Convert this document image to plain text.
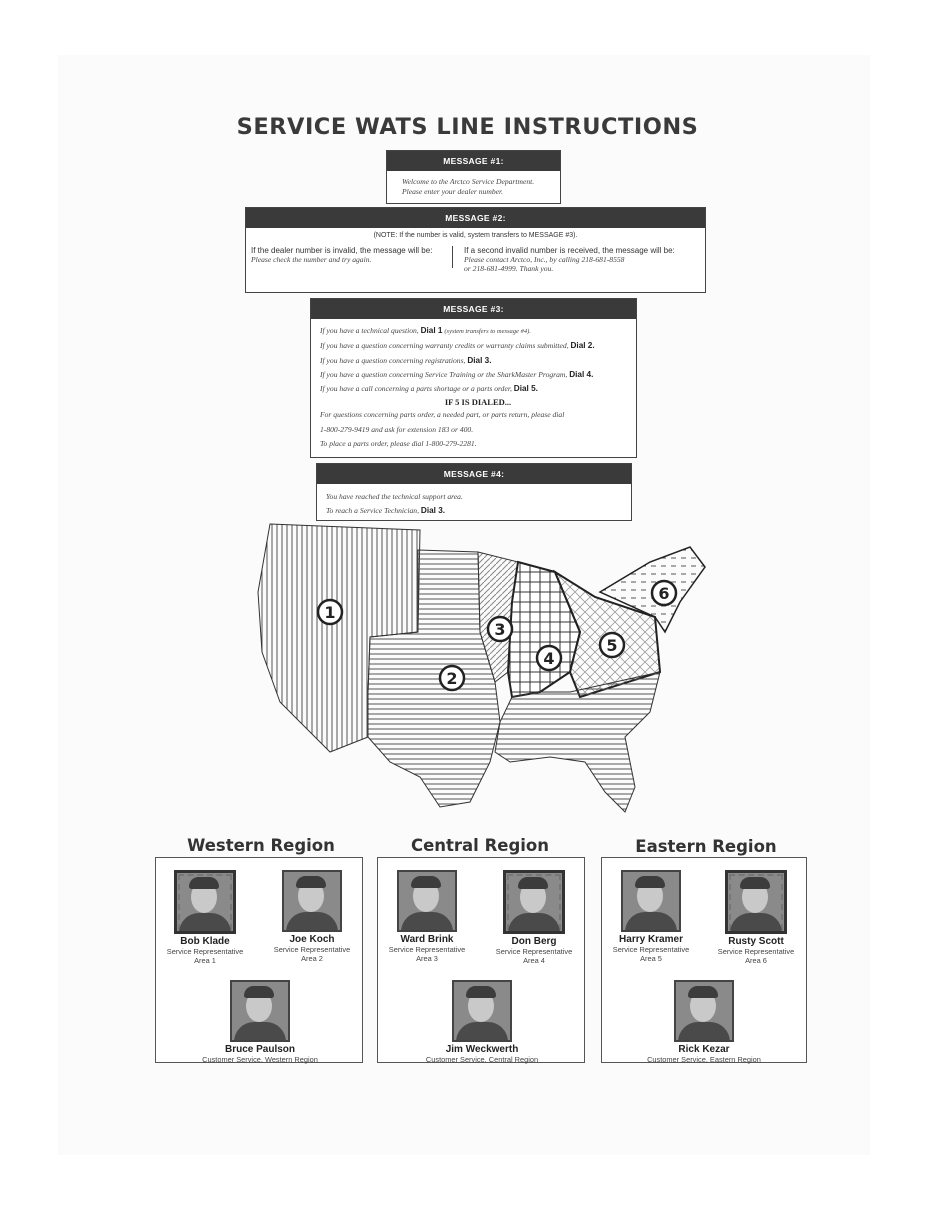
SERVICE WATS LINE INSTRUCTIONS
MESSAGE #1:
Welcome to the Arctco Service Department.
Please enter your dealer number.
MESSAGE #2:
(NOTE: If the number is valid, system transfers to MESSAGE #3).
If the dealer number is invalid, the message will be:
Please check the number and try again.
If a second invalid number is received, the message will be:
Please contact Arctco, Inc., by calling 218-681-8558
or 218-681-4999. Thank you.
MESSAGE #3:
If you have a technical question, Dial 1 (system transfers to message #4).
If you have a question concerning warranty credits or warranty claims submitted, Dial 2.
If you have a question concerning registrations, Dial 3.
If you have a question concerning Service Training or the SharkMaster Program, Dial 4.
If you have a call concerning a parts shortage or a parts order, Dial 5.
IF 5 IS DIALED...
For questions concerning parts order, a needed part, or parts return, please dial
1-800-279-9419 and ask for extension 183 or 400.
To place a parts order, please dial 1-800-279-2281.
MESSAGE #4:
You have reached the technical support area.
To reach a Service Technician, Dial 3.
1
2
3
4
5
6
Western Region	Central Region	Eastern Region
Bob Klade
Service Representative
Area 1
Joe Koch
Service Representative
Area 2
Bruce Paulson
Customer Service, Western Region
Ward Brink
Service Representative
Area 3
Don Berg
Service Representative
Area 4
Jim Weckwerth
Customer Service, Central Region
Harry Kramer
Service Representative
Area 5
Rusty Scott
Service Representative
Area 6
Rick Kezar
Customer Service, Eastern Region
